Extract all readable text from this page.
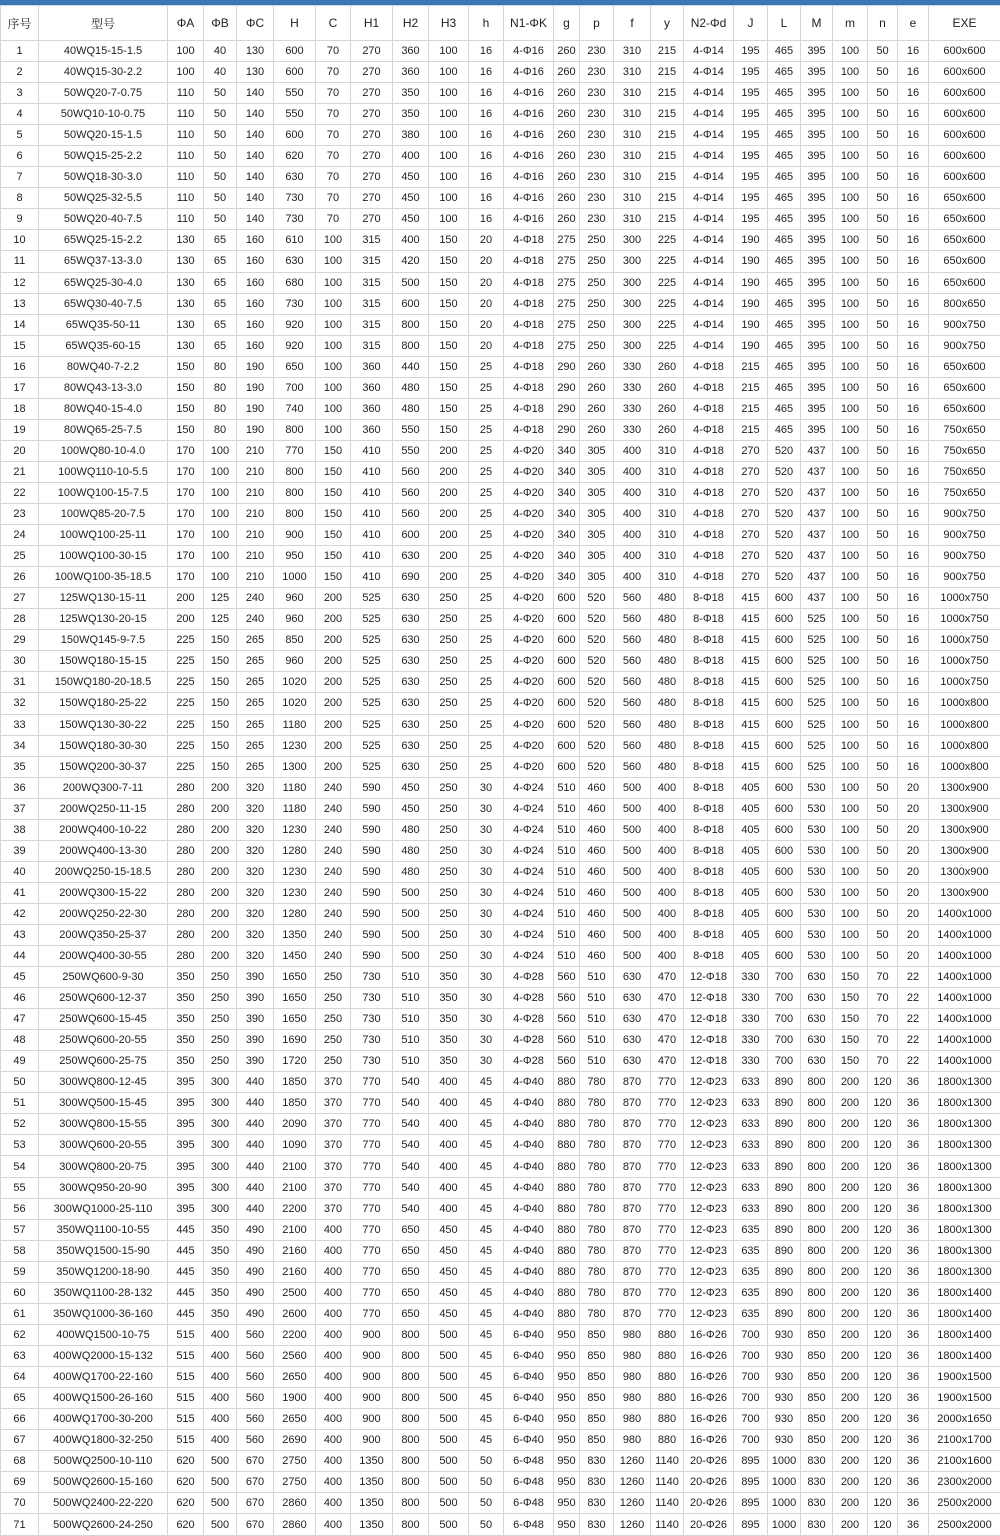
序号	型号	ΦA	ΦB	ΦC	H	C	H1	H2	H3	h	N1-ΦK	g	p	f	y	N2-Φd	J	L	M	m	n	e	EXE
1	40WQ15-15-1.5	100	40	130	600	70	270	360	100	16	4-Φ16	260	230	310	215	4-Φ14	195	465	395	100	50	16	600x600
2	40WQ15-30-2.2	100	40	130	600	70	270	360	100	16	4-Φ16	260	230	310	215	4-Φ14	195	465	395	100	50	16	600x600
3	50WQ20-7-0.75	110	50	140	550	70	270	350	100	16	4-Φ16	260	230	310	215	4-Φ14	195	465	395	100	50	16	600x600
4	50WQ10-10-0.75	110	50	140	550	70	270	350	100	16	4-Φ16	260	230	310	215	4-Φ14	195	465	395	100	50	16	600x600
5	50WQ20-15-1.5	110	50	140	600	70	270	380	100	16	4-Φ16	260	230	310	215	4-Φ14	195	465	395	100	50	16	600x600
6	50WQ15-25-2.2	110	50	140	620	70	270	400	100	16	4-Φ16	260	230	310	215	4-Φ14	195	465	395	100	50	16	600x600
7	50WQ18-30-3.0	110	50	140	630	70	270	450	100	16	4-Φ16	260	230	310	215	4-Φ14	195	465	395	100	50	16	600x600
8	50WQ25-32-5.5	110	50	140	730	70	270	450	100	16	4-Φ16	260	230	310	215	4-Φ14	195	465	395	100	50	16	650x600
9	50WQ20-40-7.5	110	50	140	730	70	270	450	100	16	4-Φ16	260	230	310	215	4-Φ14	195	465	395	100	50	16	650x600
10	65WQ25-15-2.2	130	65	160	610	100	315	400	150	20	4-Φ18	275	250	300	225	4-Φ14	190	465	395	100	50	16	650x600
11	65WQ37-13-3.0	130	65	160	630	100	315	420	150	20	4-Φ18	275	250	300	225	4-Φ14	190	465	395	100	50	16	650x600
12	65WQ25-30-4.0	130	65	160	680	100	315	500	150	20	4-Φ18	275	250	300	225	4-Φ14	190	465	395	100	50	16	650x600
13	65WQ30-40-7.5	130	65	160	730	100	315	600	150	20	4-Φ18	275	250	300	225	4-Φ14	190	465	395	100	50	16	800x650
14	65WQ35-50-11	130	65	160	920	100	315	800	150	20	4-Φ18	275	250	300	225	4-Φ14	190	465	395	100	50	16	900x750
15	65WQ35-60-15	130	65	160	920	100	315	800	150	20	4-Φ18	275	250	300	225	4-Φ14	190	465	395	100	50	16	900x750
16	80WQ40-7-2.2	150	80	190	650	100	360	440	150	25	4-Φ18	290	260	330	260	4-Φ18	215	465	395	100	50	16	650x600
17	80WQ43-13-3.0	150	80	190	700	100	360	480	150	25	4-Φ18	290	260	330	260	4-Φ18	215	465	395	100	50	16	650x600
18	80WQ40-15-4.0	150	80	190	740	100	360	480	150	25	4-Φ18	290	260	330	260	4-Φ18	215	465	395	100	50	16	650x600
19	80WQ65-25-7.5	150	80	190	800	100	360	550	150	25	4-Φ18	290	260	330	260	4-Φ18	215	465	395	100	50	16	750x650
20	100WQ80-10-4.0	170	100	210	770	150	410	550	200	25	4-Φ20	340	305	400	310	4-Φ18	270	520	437	100	50	16	750x650
21	100WQ110-10-5.5	170	100	210	800	150	410	560	200	25	4-Φ20	340	305	400	310	4-Φ18	270	520	437	100	50	16	750x650
22	100WQ100-15-7.5	170	100	210	800	150	410	560	200	25	4-Φ20	340	305	400	310	4-Φ18	270	520	437	100	50	16	750x650
23	100WQ85-20-7.5	170	100	210	800	150	410	560	200	25	4-Φ20	340	305	400	310	4-Φ18	270	520	437	100	50	16	900x750
24	100WQ100-25-11	170	100	210	900	150	410	600	200	25	4-Φ20	340	305	400	310	4-Φ18	270	520	437	100	50	16	900x750
25	100WQ100-30-15	170	100	210	950	150	410	630	200	25	4-Φ20	340	305	400	310	4-Φ18	270	520	437	100	50	16	900x750
26	100WQ100-35-18.5	170	100	210	1000	150	410	690	200	25	4-Φ20	340	305	400	310	4-Φ18	270	520	437	100	50	16	900x750
27	125WQ130-15-11	200	125	240	960	200	525	630	250	25	4-Φ20	600	520	560	480	8-Φ18	415	600	437	100	50	16	1000x750
28	125WQ130-20-15	200	125	240	960	200	525	630	250	25	4-Φ20	600	520	560	480	8-Φ18	415	600	525	100	50	16	1000x750
29	150WQ145-9-7.5	225	150	265	850	200	525	630	250	25	4-Φ20	600	520	560	480	8-Φ18	415	600	525	100	50	16	1000x750
30	150WQ180-15-15	225	150	265	960	200	525	630	250	25	4-Φ20	600	520	560	480	8-Φ18	415	600	525	100	50	16	1000x750
31	150WQ180-20-18.5	225	150	265	1020	200	525	630	250	25	4-Φ20	600	520	560	480	8-Φ18	415	600	525	100	50	16	1000x750
32	150WQ180-25-22	225	150	265	1020	200	525	630	250	25	4-Φ20	600	520	560	480	8-Φ18	415	600	525	100	50	16	1000x800
33	150WQ130-30-22	225	150	265	1180	200	525	630	250	25	4-Φ20	600	520	560	480	8-Φ18	415	600	525	100	50	16	1000x800
34	150WQ180-30-30	225	150	265	1230	200	525	630	250	25	4-Φ20	600	520	560	480	8-Φ18	415	600	525	100	50	16	1000x800
35	150WQ200-30-37	225	150	265	1300	200	525	630	250	25	4-Φ20	600	520	560	480	8-Φ18	415	600	525	100	50	16	1000x800
36	200WQ300-7-11	280	200	320	1180	240	590	450	250	30	4-Φ24	510	460	500	400	8-Φ18	405	600	530	100	50	20	1300x900
37	200WQ250-11-15	280	200	320	1180	240	590	450	250	30	4-Φ24	510	460	500	400	8-Φ18	405	600	530	100	50	20	1300x900
38	200WQ400-10-22	280	200	320	1230	240	590	480	250	30	4-Φ24	510	460	500	400	8-Φ18	405	600	530	100	50	20	1300x900
39	200WQ400-13-30	280	200	320	1280	240	590	480	250	30	4-Φ24	510	460	500	400	8-Φ18	405	600	530	100	50	20	1300x900
40	200WQ250-15-18.5	280	200	320	1230	240	590	480	250	30	4-Φ24	510	460	500	400	8-Φ18	405	600	530	100	50	20	1300x900
41	200WQ300-15-22	280	200	320	1230	240	590	500	250	30	4-Φ24	510	460	500	400	8-Φ18	405	600	530	100	50	20	1300x900
42	200WQ250-22-30	280	200	320	1280	240	590	500	250	30	4-Φ24	510	460	500	400	8-Φ18	405	600	530	100	50	20	1400x1000
43	200WQ350-25-37	280	200	320	1350	240	590	500	250	30	4-Φ24	510	460	500	400	8-Φ18	405	600	530	100	50	20	1400x1000
44	200WQ400-30-55	280	200	320	1450	240	590	500	250	30	4-Φ24	510	460	500	400	8-Φ18	405	600	530	100	50	20	1400x1000
45	250WQ600-9-30	350	250	390	1650	250	730	510	350	30	4-Φ28	560	510	630	470	12-Φ18	330	700	630	150	70	22	1400x1000
46	250WQ600-12-37	350	250	390	1650	250	730	510	350	30	4-Φ28	560	510	630	470	12-Φ18	330	700	630	150	70	22	1400x1000
47	250WQ600-15-45	350	250	390	1650	250	730	510	350	30	4-Φ28	560	510	630	470	12-Φ18	330	700	630	150	70	22	1400x1000
48	250WQ600-20-55	350	250	390	1690	250	730	510	350	30	4-Φ28	560	510	630	470	12-Φ18	330	700	630	150	70	22	1400x1000
49	250WQ600-25-75	350	250	390	1720	250	730	510	350	30	4-Φ28	560	510	630	470	12-Φ18	330	700	630	150	70	22	1400x1000
50	300WQ800-12-45	395	300	440	1850	370	770	540	400	45	4-Φ40	880	780	870	770	12-Φ23	633	890	800	200	120	36	1800x1300
51	300WQ500-15-45	395	300	440	1850	370	770	540	400	45	4-Φ40	880	780	870	770	12-Φ23	633	890	800	200	120	36	1800x1300
52	300WQ800-15-55	395	300	440	2090	370	770	540	400	45	4-Φ40	880	780	870	770	12-Φ23	633	890	800	200	120	36	1800x1300
53	300WQ600-20-55	395	300	440	1090	370	770	540	400	45	4-Φ40	880	780	870	770	12-Φ23	633	890	800	200	120	36	1800x1300
54	300WQ800-20-75	395	300	440	2100	370	770	540	400	45	4-Φ40	880	780	870	770	12-Φ23	633	890	800	200	120	36	1800x1300
55	300WQ950-20-90	395	300	440	2100	370	770	540	400	45	4-Φ40	880	780	870	770	12-Φ23	633	890	800	200	120	36	1800x1300
56	300WQ1000-25-110	395	300	440	2200	370	770	540	400	45	4-Φ40	880	780	870	770	12-Φ23	633	890	800	200	120	36	1800x1300
57	350WQ1100-10-55	445	350	490	2100	400	770	650	450	45	4-Φ40	880	780	870	770	12-Φ23	635	890	800	200	120	36	1800x1300
58	350WQ1500-15-90	445	350	490	2160	400	770	650	450	45	4-Φ40	880	780	870	770	12-Φ23	635	890	800	200	120	36	1800x1300
59	350WQ1200-18-90	445	350	490	2160	400	770	650	450	45	4-Φ40	880	780	870	770	12-Φ23	635	890	800	200	120	36	1800x1300
60	350WQ1100-28-132	445	350	490	2500	400	770	650	450	45	4-Φ40	880	780	870	770	12-Φ23	635	890	800	200	120	36	1800x1400
61	350WQ1000-36-160	445	350	490	2600	400	770	650	450	45	4-Φ40	880	780	870	770	12-Φ23	635	890	800	200	120	36	1800x1400
62	400WQ1500-10-75	515	400	560	2200	400	900	800	500	45	6-Φ40	950	850	980	880	16-Φ26	700	930	850	200	120	36	1800x1400
63	400WQ2000-15-132	515	400	560	2560	400	900	800	500	45	6-Φ40	950	850	980	880	16-Φ26	700	930	850	200	120	36	1800x1400
64	400WQ1700-22-160	515	400	560	2650	400	900	800	500	45	6-Φ40	950	850	980	880	16-Φ26	700	930	850	200	120	36	1900x1500
65	400WQ1500-26-160	515	400	560	1900	400	900	800	500	45	6-Φ40	950	850	980	880	16-Φ26	700	930	850	200	120	36	1900x1500
66	400WQ1700-30-200	515	400	560	2650	400	900	800	500	45	6-Φ40	950	850	980	880	16-Φ26	700	930	850	200	120	36	2000x1650
67	400WQ1800-32-250	515	400	560	2690	400	900	800	500	45	6-Φ40	950	850	980	880	16-Φ26	700	930	850	200	120	36	2100x1700
68	500WQ2500-10-110	620	500	670	2750	400	1350	800	500	50	6-Φ48	950	830	1260	1140	20-Φ26	895	1000	830	200	120	36	2100x1600
69	500WQ2600-15-160	620	500	670	2750	400	1350	800	500	50	6-Φ48	950	830	1260	1140	20-Φ26	895	1000	830	200	120	36	2300x2000
70	500WQ2400-22-220	620	500	670	2860	400	1350	800	500	50	6-Φ48	950	830	1260	1140	20-Φ26	895	1000	830	200	120	36	2500x2000
71	500WQ2600-24-250	620	500	670	2860	400	1350	800	500	50	6-Φ48	950	830	1260	1140	20-Φ26	895	1000	830	200	120	36	2500x2000
